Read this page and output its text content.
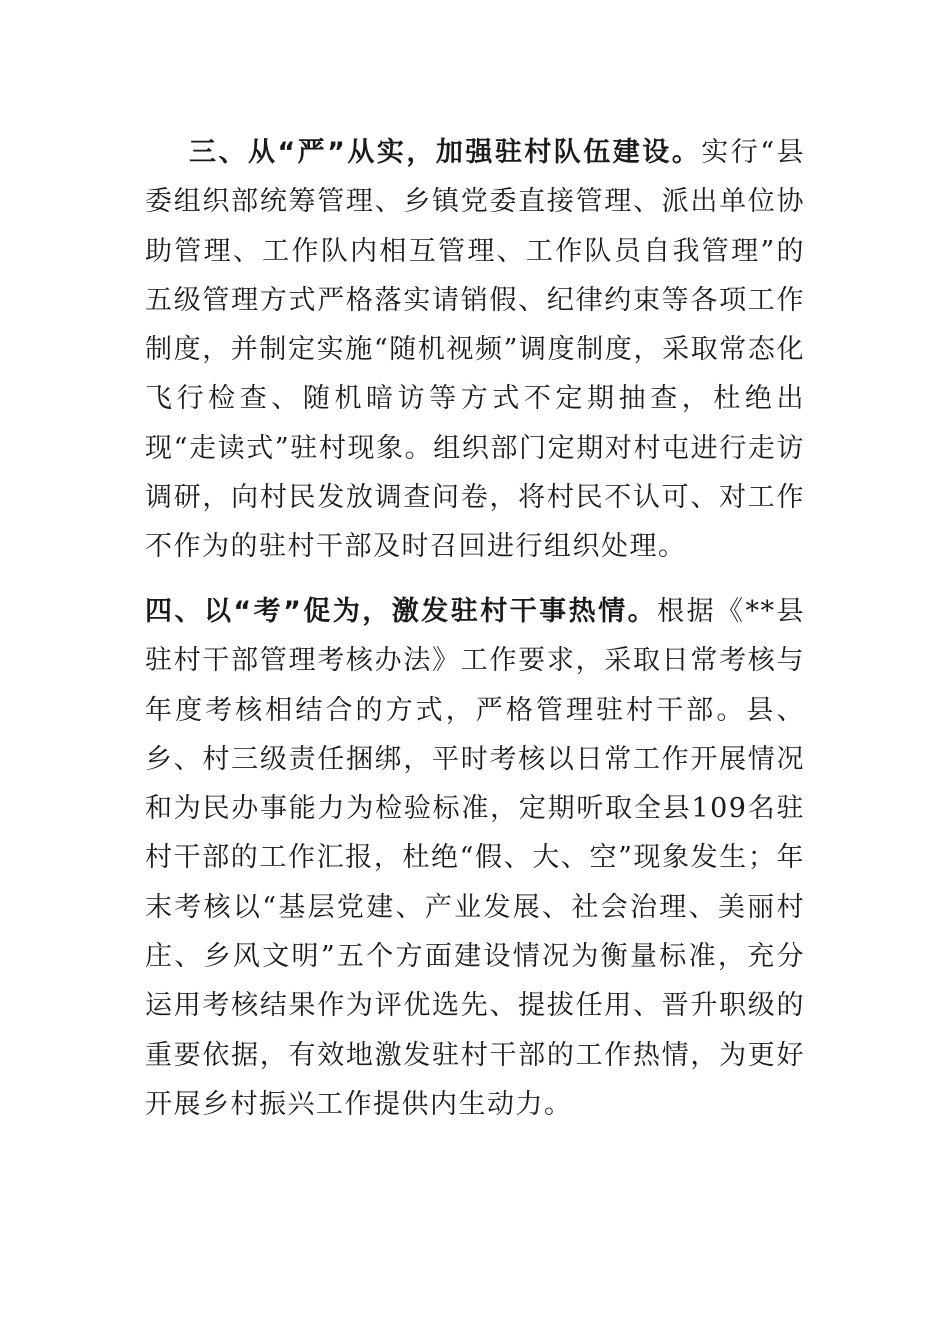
三、从“严”从实，加强驻村队伍建设。实行“县委组织部统筹管理、乡镇党委直接管理、派出单位协助管理、工作队内相互管理、工作队员自我管理”的五级管理方式严格落实请销假、纪律约束等各项工作制度，并制定实施“随机视频”调度制度，采取常态化飞行检查、随机暗访等方式不定期抽查，杜绝出现“走读式”驻村现象。组织部门定期对村屯进行走访调研，向村民发放调查问卷，将村民不认可、对工作不作为的驻村干部及时召回进行组织处理。

四、以“考”促为，激发驻村干事热情。根据《**县驻村干部管理考核办法》工作要求，采取日常考核与年度考核相结合的方式，严格管理驻村干部。县、乡、村三级责任捆绑，平时考核以日常工作开展情况和为民办事能力为检验标准，定期听取全县109名驻村干部的工作汇报，杜绝“假、大、空”现象发生；年末考核以“基层党建、产业发展、社会治理、美丽村庄、乡风文明”五个方面建设情况为衡量标准，充分运用考核结果作为评优选先、提拔任用、晋升职级的重要依据，有效地激发驻村干部的工作热情，为更好开展乡村振兴工作提供内生动力。
